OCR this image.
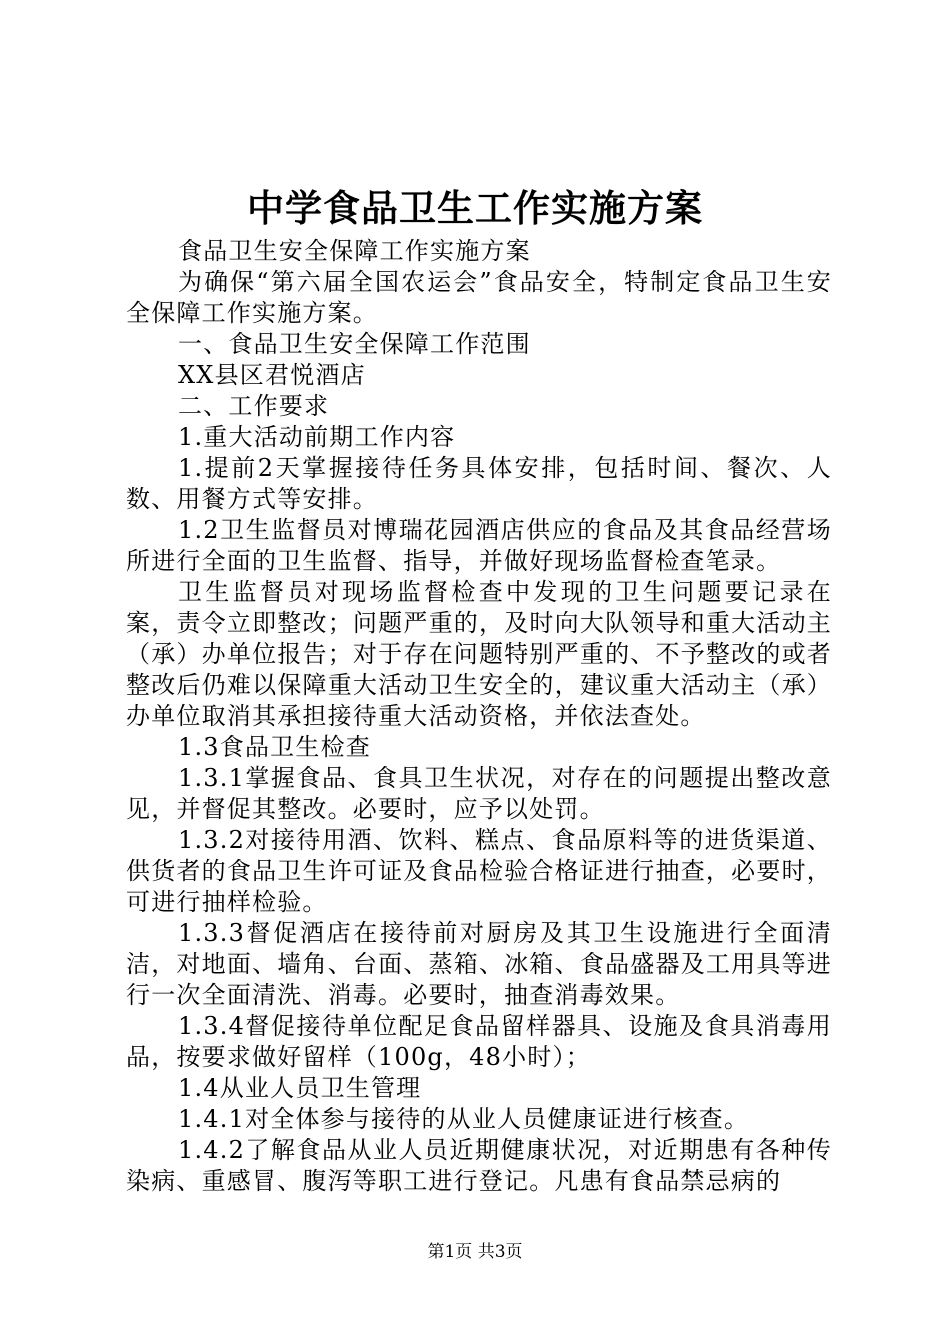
中学食品卫生工作实施方案

食品卫生安全保障工作实施方案

为确保“第六届全国农运会”食品安全，特制定食品卫生安全保障工作实施方案。

一、食品卫生安全保障工作范围

XX县区君悦酒店

二、工作要求

1.重大活动前期工作内容

1.提前2天掌握接待任务具体安排，包括时间、餐次、人数、用餐方式等安排。

1.2卫生监督员对博瑞花园酒店供应的食品及其食品经营场所进行全面的卫生监督、指导，并做好现场监督检查笔录。

卫生监督员对现场监督检查中发现的卫生问题要记录在案，责令立即整改；问题严重的，及时向大队领导和重大活动主（承）办单位报告；对于存在问题特别严重的、不予整改的或者整改后仍难以保障重大活动卫生安全的，建议重大活动主（承）办单位取消其承担接待重大活动资格，并依法查处。

1.3食品卫生检查

1.3.1掌握食品、食具卫生状况，对存在的问题提出整改意见，并督促其整改。必要时，应予以处罚。

1.3.2对接待用酒、饮料、糕点、食品原料等的进货渠道、供货者的食品卫生许可证及食品检验合格证进行抽查，必要时，可进行抽样检验。

1.3.3督促酒店在接待前对厨房及其卫生设施进行全面清洁，对地面、墙角、台面、蒸箱、冰箱、食品盛器及工用具等进行一次全面清洗、消毒。必要时，抽查消毒效果。

1.3.4督促接待单位配足食品留样器具、设施及食具消毒用品，按要求做好留样（100g，48小时）；

1.4从业人员卫生管理

1.4.1对全体参与接待的从业人员健康证进行核查。

1.4.2了解食品从业人员近期健康状况，对近期患有各种传染病、重感冒、腹泻等职工进行登记。凡患有食品禁忌病的

第1页 共3页
